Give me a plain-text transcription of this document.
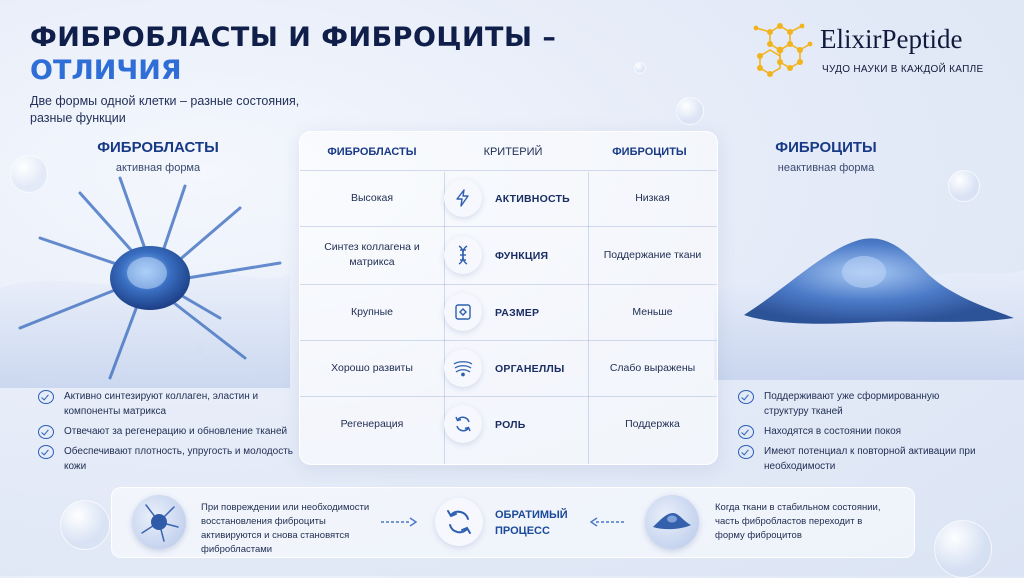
ФИБРОБЛАСТЫ И ФИБРОЦИТЫ –
ОТЛИЧИЯ
Две формы одной клетки – разные состояния, разные функции
ElixirPeptide
ЧУДО НАУКИ В КАЖДОЙ КАПЛЕ
ФИБРОБЛАСТЫ
активная форма
ФИБРОЦИТЫ
неактивная форма
Активно синтезируют коллаген, эластин и компоненты матрикса
Отвечают за регенерацию и обновление тканей
Обеспечивают плотность, упругость и молодость кожи
Поддерживают уже сформированную структуру тканей
Находятся в состоянии покоя
Имеют потенциал к повторной активации при необходимости
ФИБРОБЛАСТЫ	КРИТЕРИЙ	ФИБРОЦИТЫ
Высокая	АКТИВНОСТЬ	Низкая
Синтез коллагена и матрикса	ФУНКЦИЯ	Поддержание ткани
Крупные	РАЗМЕР	Меньше
Хорошо развиты	ОРГАНЕЛЛЫ	Слабо выражены
Регенерация	РОЛЬ	Поддержка
При повреждении или необходимости восстановления фиброциты активируются и снова становятся фибробластами
ОБРАТИМЫЙ ПРОЦЕСС
Когда ткани в стабильном состоянии, часть фибробластов переходит в форму фиброцитов
